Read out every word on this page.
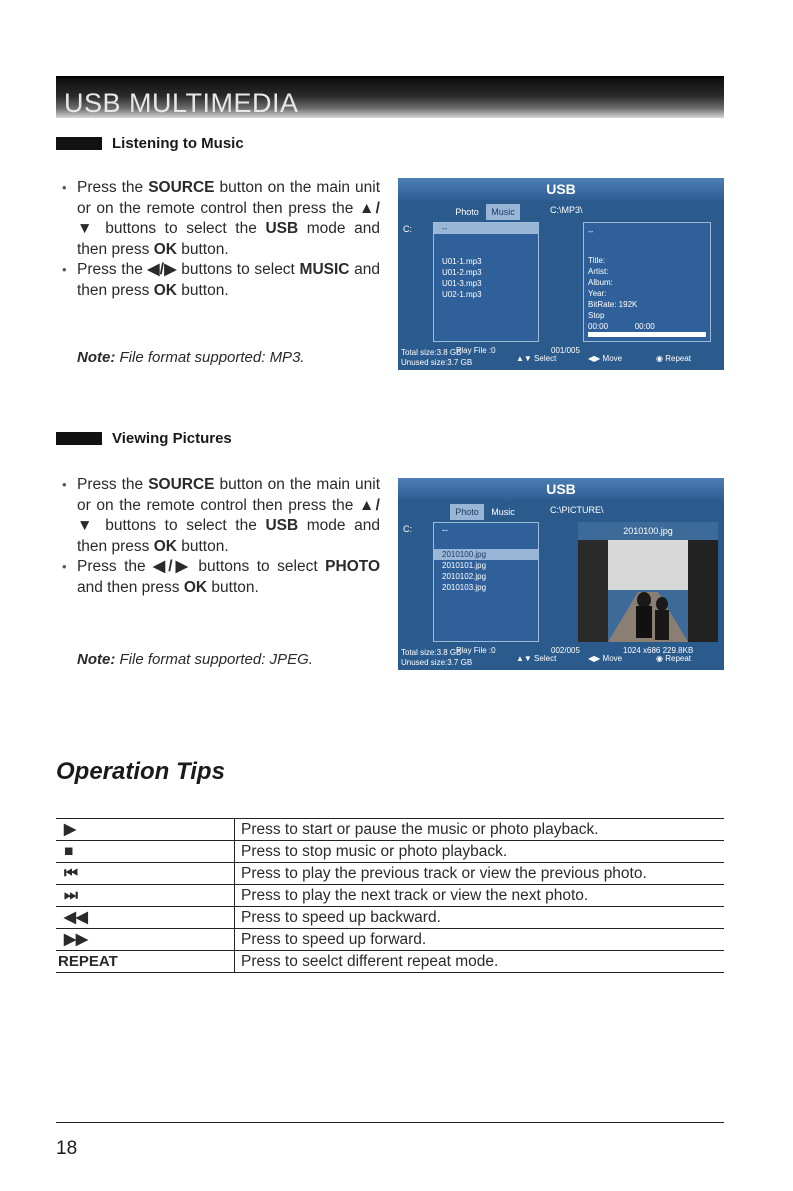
USB MULTIMEDIA
Listening to Music

• Press the SOURCE button on the main unit or on the remote control then press the ▲/▼ buttons to select the USB mode and then press OK button.

• Press the ◀/▶ buttons to select MUSIC and then press OK button.

Note: File format supported: MP3.
USB
Photo	Music	C:\MP3\
C:	--
U01-1.mp3
U01-2.mp3
U01-3.mp3
U02-1.mp3
--
Title:
Artist:
Album:
Year:
BitRate: 192K
Stop
00:00            00:00
Play File :0	001/005
Total size:3.8 GB
Unused size:3.7 GB	▲▼ Select	◀▶ Move	◉ Repeat
Viewing Pictures

• Press the SOURCE button on the main unit or on the remote control then press the ▲/▼ buttons to select the USB mode and then press OK button.

• Press the ◀/▶ buttons to select PHOTO and then press OK button.

Note: File format supported: JPEG.
USB
Photo	Music	C:\PICTURE\
C:	--
2010100.jpg
2010101.jpg
2010102.jpg
2010103.jpg
2010100.jpg
Play File :0	002/005	1024 x686 229.8KB
Total size:3.8 GB
Unused size:3.7 GB	▲▼ Select	◀▶ Move	◉ Repeat
Operation Tips
▶	Press to start or pause the music or photo playback.
■	Press to stop music or photo playback.
⏮	Press to play the previous track or view the previous photo.
⏭	Press to play the next track or view the next photo.
◀◀	Press to speed up backward.
▶▶	Press to speed up forward.
REPEAT	Press to seelct different repeat mode.
18
